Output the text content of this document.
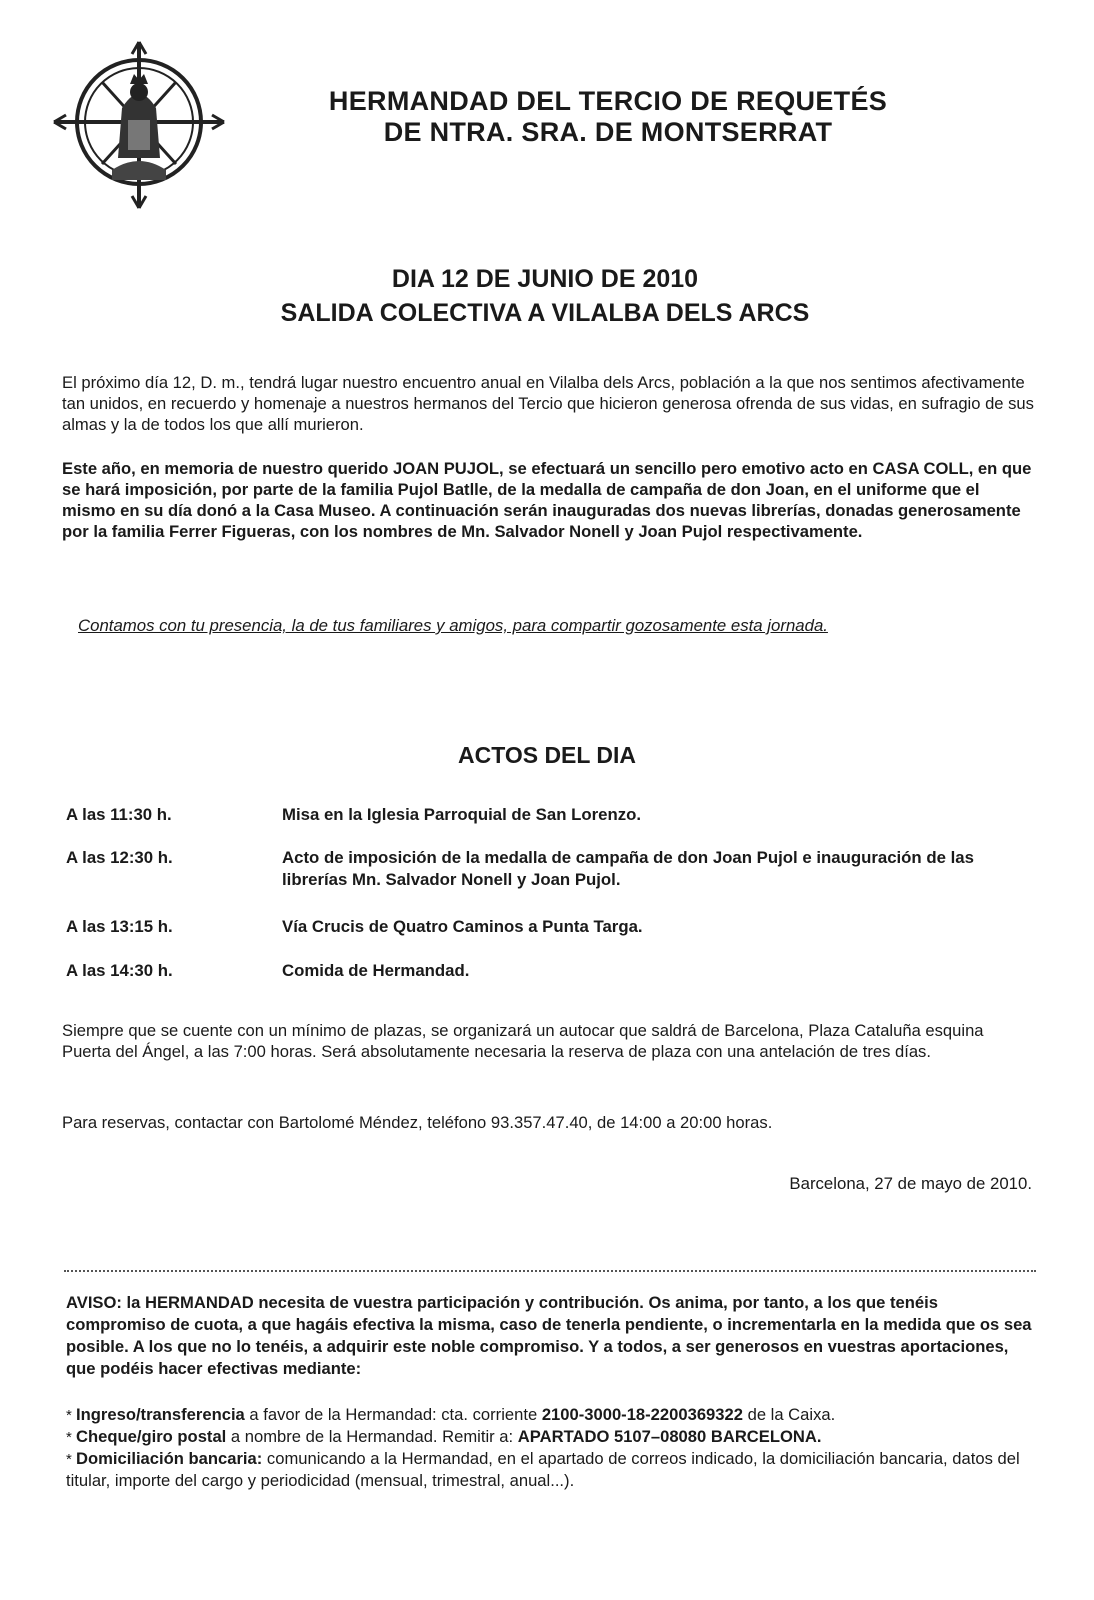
HERMANDAD DEL TERCIO DE REQUETÉS
DE NTRA. SRA. DE MONTSERRAT
DIA 12 DE JUNIO DE 2010
SALIDA COLECTIVA A VILALBA DELS ARCS
El próximo día 12, D. m., tendrá lugar nuestro encuentro anual en Vilalba dels Arcs, población a la que nos sentimos afectivamente tan unidos, en recuerdo y homenaje a nuestros hermanos del Tercio que hicieron generosa ofrenda de sus vidas, en sufragio de sus almas y la de todos los que allí murieron.
Este año, en memoria de nuestro querido JOAN PUJOL, se efectuará un sencillo pero emotivo acto en CASA COLL, en que se hará imposición, por parte de la familia Pujol Batlle, de la medalla de campaña de don Joan, en el uniforme que el mismo en su día donó a la Casa Museo. A continuación serán inauguradas dos nuevas librerías, donadas generosamente por la familia Ferrer Figueras, con los nombres de Mn. Salvador Nonell y Joan Pujol respectivamente.
Contamos con tu presencia, la de tus familiares y amigos, para compartir gozosamente esta jornada.
ACTOS DEL DIA
A las 11:30 h.	Misa en la Iglesia Parroquial de San Lorenzo.
A las 12:30 h.	Acto de imposición de la medalla de campaña de don Joan Pujol e inauguración de las librerías Mn. Salvador Nonell y Joan Pujol.
A las 13:15 h.	Vía Crucis de Quatro Caminos a Punta Targa.
A las 14:30 h.	Comida de Hermandad.
Siempre que se cuente con un mínimo de plazas, se organizará un autocar que saldrá de Barcelona, Plaza Cataluña esquina Puerta del Ángel, a las 7:00 horas. Será absolutamente necesaria la reserva de plaza con una antelación de tres días.
Para reservas, contactar con Bartolomé Méndez, teléfono 93.357.47.40, de 14:00 a 20:00 horas.
Barcelona, 27 de mayo de 2010.
AVISO: la HERMANDAD necesita de vuestra participación y contribución. Os anima, por tanto, a los que tenéis compromiso de cuota, a que hagáis efectiva la misma, caso de tenerla pendiente, o incrementarla en la medida que os sea posible. A los que no lo tenéis, a adquirir este noble compromiso. Y a todos, a ser generosos en vuestras aportaciones, que podéis hacer efectivas mediante:

* Ingreso/transferencia a favor de la Hermandad: cta. corriente 2100-3000-18-2200369322 de la Caixa.

* Cheque/giro postal a nombre de la Hermandad. Remitir a: APARTADO 5107–08080 BARCELONA.

* Domiciliación bancaria: comunicando a la Hermandad, en el apartado de correos indicado, la domiciliación bancaria, datos del titular, importe del cargo y periodicidad (mensual, trimestral, anual...).
